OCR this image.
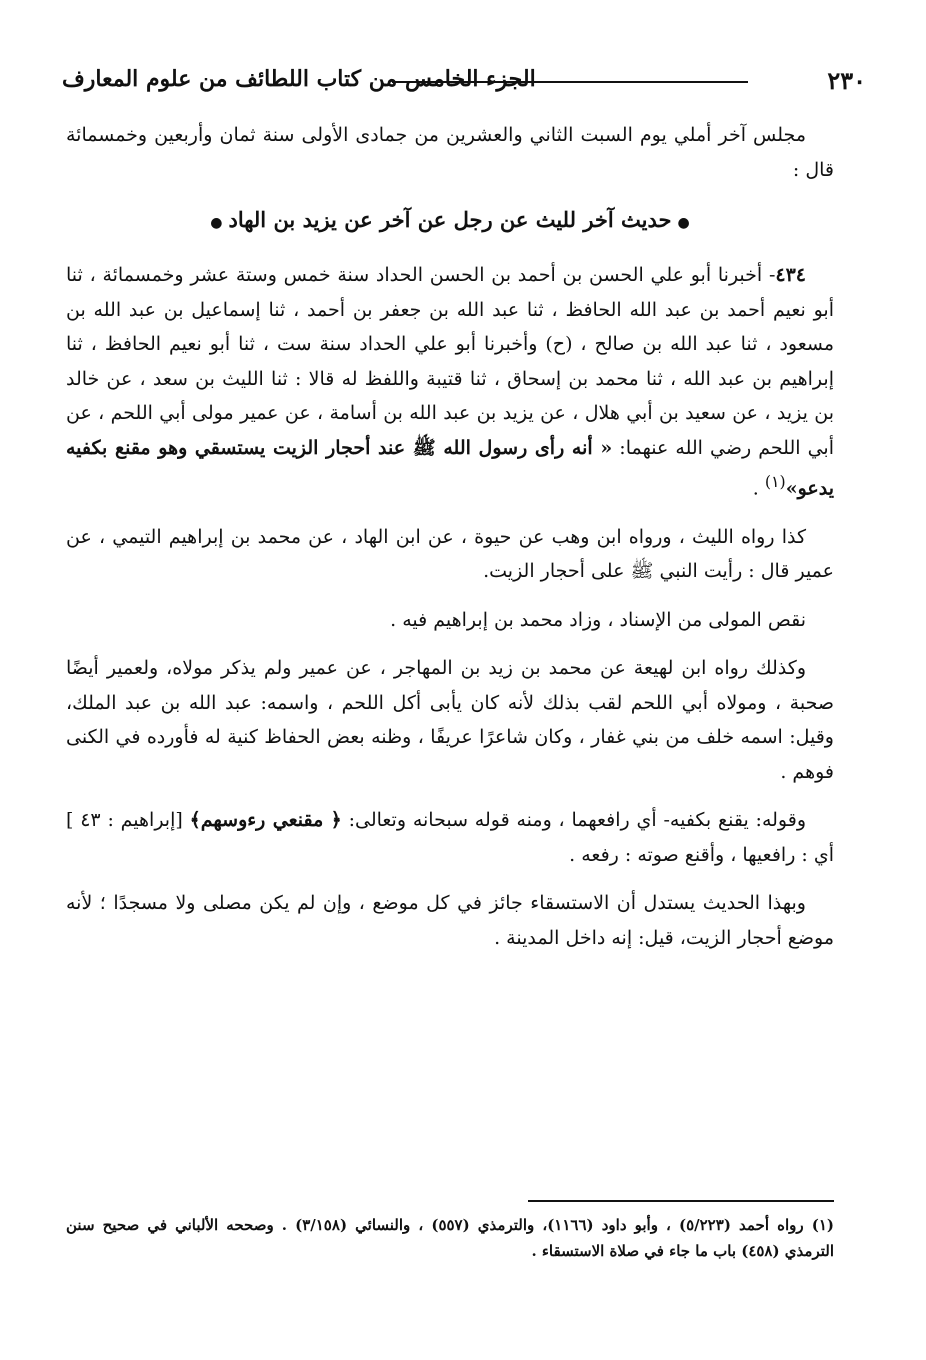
٢٣٠
الجزء الخامس من كتاب اللطائف من علوم المعارف

مجلس آخر أملي يوم السبت الثاني والعشرين من جمادى الأولى سنة ثمان وأربعين وخمسمائة قال :

●حديث آخر لليث عن رجل عن آخر عن يزيد بن الهاد●

٤٣٤- أخبرنا أبو علي الحسن بن أحمد بن الحسن الحداد سنة خمس وستة عشر وخمسمائة ، ثنا أبو نعيم أحمد بن عبد الله الحافظ ، ثنا عبد الله بن جعفر بن أحمد ، ثنا إسماعيل بن عبد الله بن مسعود ، ثنا عبد الله بن صالح ، (ح) وأخبرنا أبو علي الحداد سنة ست ، ثنا أبو نعيم الحافظ ، ثنا إبراهيم بن عبد الله ، ثنا محمد بن إسحاق ، ثنا قتيبة واللفظ له قالا : ثنا الليث بن سعد ، عن خالد بن يزيد ، عن سعيد بن أبي هلال ، عن يزيد بن عبد الله بن أسامة ، عن عمير مولى أبي اللحم ، عن أبي اللحم رضي الله عنهما: « أنه رأى رسول الله ﷺ عند أحجار الزيت يستسقي وهو مقنع بكفيه يدعو»$^{(١)}$ .

كذا رواه الليث ، ورواه ابن وهب عن حيوة ، عن ابن الهاد ، عن محمد بن إبراهيم التيمي ، عن عمير قال : رأيت النبي ﷺ على أحجار الزيت.

نقص المولى من الإسناد ، وزاد محمد بن إبراهيم فيه .

وكذلك رواه ابن لهيعة عن محمد بن زيد بن المهاجر ، عن عمير ولم يذكر مولاه، ولعمير أيضًا صحبة ، ومولاه أبي اللحم لقب بذلك لأنه كان يأبى أكل اللحم ، واسمه: عبد الله بن عبد الملك، وقيل: اسمه خلف من بني غفار ، وكان شاعرًا عريفًا ، وظنه بعض الحفاظ كنية له فأورده في الكنى فوهم .

وقوله: يقنع بكفيه- أي رافعهما ، ومنه قوله سبحانه وتعالى: ﴿ مقنعي رءوسهم﴾ [إبراهيم : ٤٣ ] أي : رافعيها ، وأقنع صوته : رفعه .

وبهذا الحديث يستدل أن الاستسقاء جائز في كل موضع ، وإن لم يكن مصلى ولا مسجدًا ؛ لأنه موضع أحجار الزيت، قيل: إنه داخل المدينة .

(١) رواه أحمد (٥/٢٢٣) ، وأبو داود (١١٦٦)، والترمذي (٥٥٧) ، والنسائي (٣/١٥٨) . وصححه الألباني في صحيح سنن الترمذي (٤٥٨) باب ما جاء في صلاة الاستسقاء .
